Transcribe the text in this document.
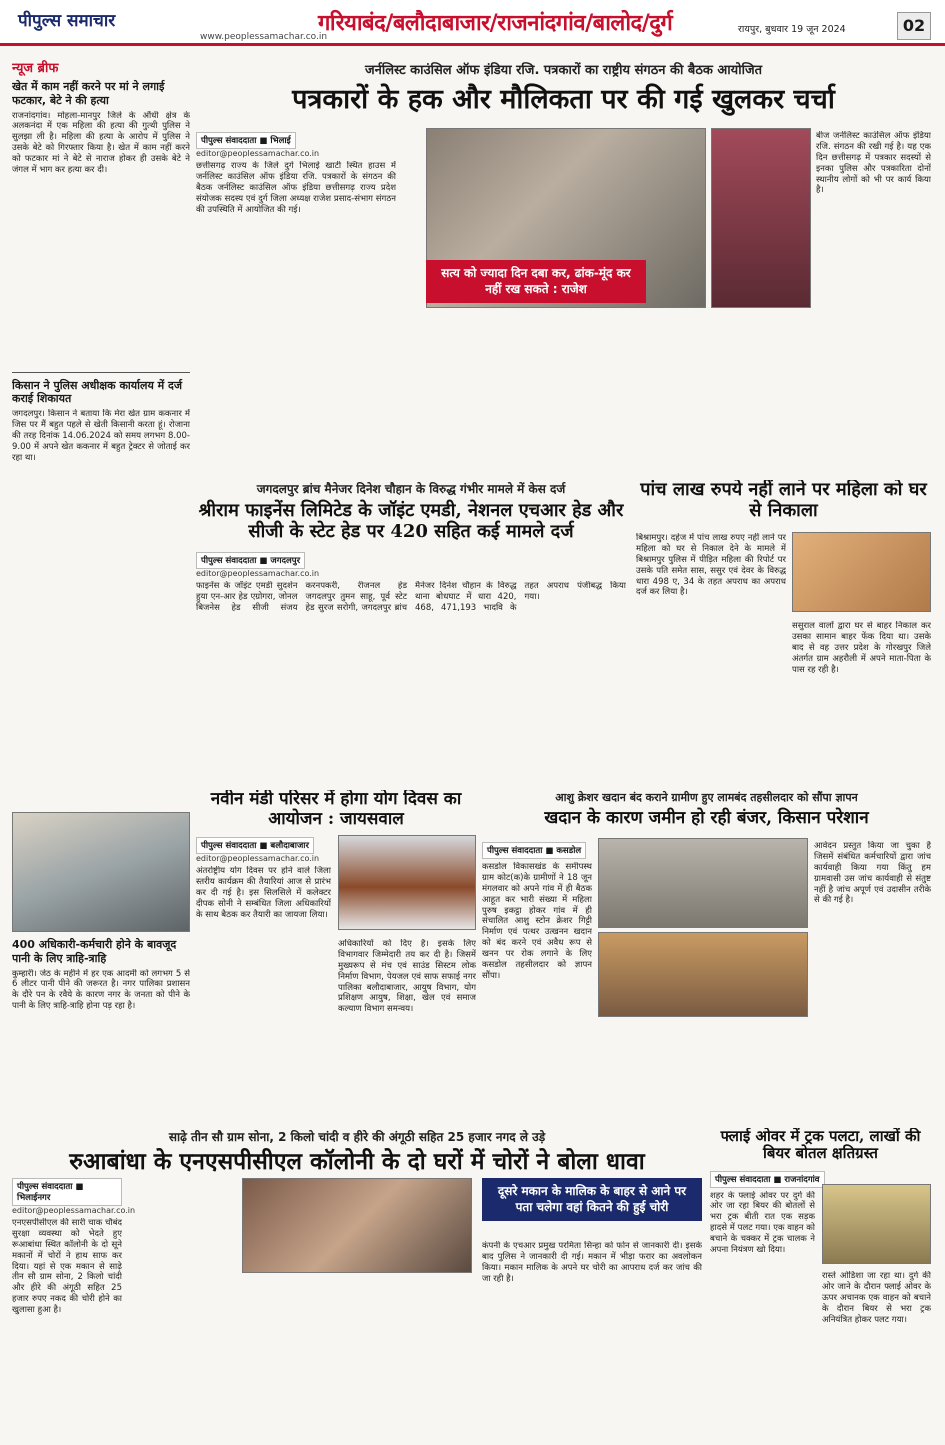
पीपुल्स समाचार
www.peoplessamachar.co.in
गरियाबंद/बलौदाबाजार/राजनांदगांव/बालोद/दुर्ग	रायपुर, बुधवार 19 जून 2024	02
न्यूज ब्रीफ
खेत में काम नहीं करने पर मां ने लगाई फटकार, बेटे ने की हत्या
राजनांदगांव। मोहला-मानपुर जिले के औंधी क्षेत्र के अलकनंदा में एक महिला की हत्या की गुत्थी पुलिस ने सुलझा ली है। महिला की हत्या के आरोप में पुलिस ने उसके बेटे को गिरफ्तार किया है। खेत में काम नहीं करने को फटकार मां ने बेटे से नाराज होकर ही उसके बेटे ने जंगल में भाग कर हत्या कर दी।
किसान ने पुलिस अधीक्षक कार्यालय में दर्ज कराई शिकायत
जगदलपुर। किसान ने बताया कि मेरा खेत ग्राम ककनार में जिस पर मैं बहुत पहले से खेती किसानी करता हूं। रोजाना की तरह दिनांक 14.06.2024 को समय लगभग 8.00-9.00 में अपने खेत ककनार में बहुत ट्रेक्टर से जोताई कर रहा था।
400 अधिकारी-कर्मचारी होने के बावजूद पानी के लिए त्राहि-त्राहि
कुम्हारी। जेठ के महीने में हर एक आदमी को लगभग 5 से 6 लीटर पानी पीने की जरूरत है। नगर पालिका प्रशासन के दौरे पन के रवैये के कारण नगर के जनता को पीने के पानी के लिए त्राहि-त्राहि होना पड़ रहा है।
जर्नलिस्ट काउंसिल ऑफ इंडिया रजि. पत्रकारों का राष्ट्रीय संगठन की बैठक आयोजित
पत्रकारों के हक और मौलिकता पर की गई खुलकर चर्चा
पीपुल्स संवाददाता ■ भिलाई
editor@peoplessamachar.co.in
छत्तीसगढ़ राज्य के जिले दुर्ग भिलाई खाटी स्थित हाउस में जर्नलिस्ट काउंसिल ऑफ इंडिया रजि. पत्रकारों के संगठन की बैठक जर्नलिस्ट काउंसिल ऑफ इंडिया छत्तीसगढ़ राज्य प्रदेश संयोजक सदस्य एवं दुर्ग जिला अध्यक्ष राजेश प्रसाद-संभाग संगठन की उपस्थिति में आयोजित की गई।
सत्य को ज्यादा दिन दबा कर, ढांक-मूंद कर नहीं रख सकते : राजेश
बीज जर्नलिस्ट काउंसिल ऑफ इंडिया रजि. संगठन की रखी गई है। यह एक दिन छत्तीसगढ़ में पत्रकार सदस्यों से इनका पुलिस और पत्रकारिता दोनों स्थानीय लोगों को भी पर कार्य किया है।
जगदलपुर ब्रांच मैनेजर दिनेश चौहान के विरुद्ध गंभीर मामले में केस दर्ज
श्रीराम फाइनेंस लिमिटेड के जॉइंट एमडी, नेशनल एचआर हेड और सीजी के स्टेट हेड पर 420 सहित कई मामले दर्ज
पीपुल्स संवाददाता ■ जगदलपुर
editor@peoplessamachar.co.in
फाइनेंस के जॉइंट एमडी सुदर्शन हुया एन-आर हेड एग्रोगरा, जोनल बिजनेस हेड सीजी संजय करनपकरी, रीजनल हेड जगदलपुर तुमन साहू, पूर्व स्टेट हेड सुरज सरोगी, जगदलपुर ब्रांच मैनेजर दिनेश चौहान के विरुद्ध थाना बोधघाट में धारा 420, 468, 471,193 भादवि के तहत अपराध पंजीबद्ध किया गया।
पांच लाख रुपये नहीं लाने पर महिला को घर से निकाला
बिश्रामपुर। दहेज में पांच लाख रुपए नहीं लाने पर महिला को घर से निकाल देने के मामले में बिश्रामपुर पुलिस में पीड़ित महिला की रिपोर्ट पर उसके पति समेत सास, ससुर एवं देवर के विरुद्ध धारा 498 ए, 34 के तहत अपराध का अपराध दर्ज कर लिया है।
ससुराल वालों द्वारा घर से बाहर निकाल कर उसका सामान बाहर फेंक दिया था। उसके बाद से वह उत्तर प्रदेश के गोरखपुर जिले अंतर्गत ग्राम अहरौली में अपने माता-पिता के पास रह रही है।
नवीन मंडी परिसर में होगा योग दिवस का आयोजन : जायसवाल
पीपुल्स संवाददाता ■ बलौदाबाजार
editor@peoplessamachar.co.in
अंतर्राष्ट्रीय योग दिवस पर होने वाले जिला स्तरीय कार्यक्रम की तैयारियां आज से प्रारंभ कर दी गई है। इस सिलसिले में कलेक्टर दीपक सोनी ने सम्बंधित जिला अधिकारियों के साथ बैठक कर तैयारी का जायजा लिया।
अधिकारियों को दिए है। इसके लिए विभागवार जिम्मेदारी तय कर दी है। जिसमें मुख्यरूप से मंच एवं साउंड सिस्टम लोक निर्माण विभाग, पेयजल एवं साफ सफाई नगर पालिका बलौदाबाजार, आयुष विभाग, योग प्रशिक्षण आयुष, शिक्षा, खेल एवं समाज कल्याण विभाग समन्वय।
आशु क्रेशर खदान बंद कराने ग्रामीण हुए लामबंद तहसीलदार को सौंपा ज्ञापन
खदान के कारण जमीन हो रही बंजर, किसान परेशान
पीपुल्स संवाददाता ■ कसडोल
कसडोल विकासखंड के समीपस्थ ग्राम कोट(क)के ग्रामीणों ने 18 जून मंगलवार को अपने गांव में ही बैठक आहूत कर भारी संख्या में महिला पुरुष इकट्ठा होकर गांव में ही संचालित आशु स्टोन क्रेशर गिट्टी निर्माण एवं पत्थर उत्खनन खदान को बंद करने एवं अवैध रूप से खनन पर रोक लगाने के लिए कसडोल तहसीलदार को ज्ञापन सौंपा।
आवेदन प्रस्तुत किया जा चुका है जिसमें संबंधित कर्मचारियों द्वारा जांच कार्यवाही किया गया किंतु हम ग्रामवासी उस जांच कार्यवाही से संतुष्ट नहीं है जांच अपूर्ण एवं उदासीन तरीके से की गई है।
साढ़े तीन सौ ग्राम सोना, 2 किलो चांदी व हीरे की अंगूठी सहित 25 हजार नगद ले उड़े
रुआबांधा के एनएसपीसीएल कॉलोनी के दो घरों में चोरों ने बोला धावा
पीपुल्स संवाददाता ■ भिलाईनगर
editor@peoplessamachar.co.in
एनएसपीसीएल की सारी चाक चौबंद सुरक्षा व्यवस्था को भेदते हुए रूआबांधा स्थित कॉलोनी के दो सूने मकानों में चोरों ने हाथ साफ कर दिया। यहां से एक मकान से साढ़े तीन सौ ग्राम सोना, 2 किलो चांदी और हीरे की अंगूठी सहित 25 हजार रुपए नकद की चोरी होने का खुलासा हुआ है।
दूसरे मकान के मालिक के बाहर से आने पर पता चलेगा वहां कितने की हुई चोरी
कंपनी के एचआर प्रमुख परमिता सिन्हा को फोन से जानकारी दी। इसके बाद पुलिस ने जानकारी दी गई। मकान में भीड़ा फरार का अवलोकन किया। मकान मालिक के अपने घर चोरी का आपराध दर्ज कर जांच की जा रही है।
फ्लाई ओवर में ट्रक पलटा, लाखों की बियर बोतल क्षतिग्रस्त
पीपुल्स संवाददाता ■ राजनांदगांव
शहर के फ्लाई ओवर पर दुर्ग की ओर जा रहा बियर की बोतलों से भरा ट्रक बीती रात एक सड़क हादसे में पलट गया। एक वाहन को बचाने के चक्कर में ट्रक चालक ने अपना नियंत्रण खो दिया।
रास्ते ओडिशा जा रहा था। दुर्ग की ओर जाने के दौरान फ्लाई ओवर के ऊपर अचानक एक वाहन को बचाने के दौरान बियर से भरा ट्रक अनियंत्रित होकर पलट गया।
